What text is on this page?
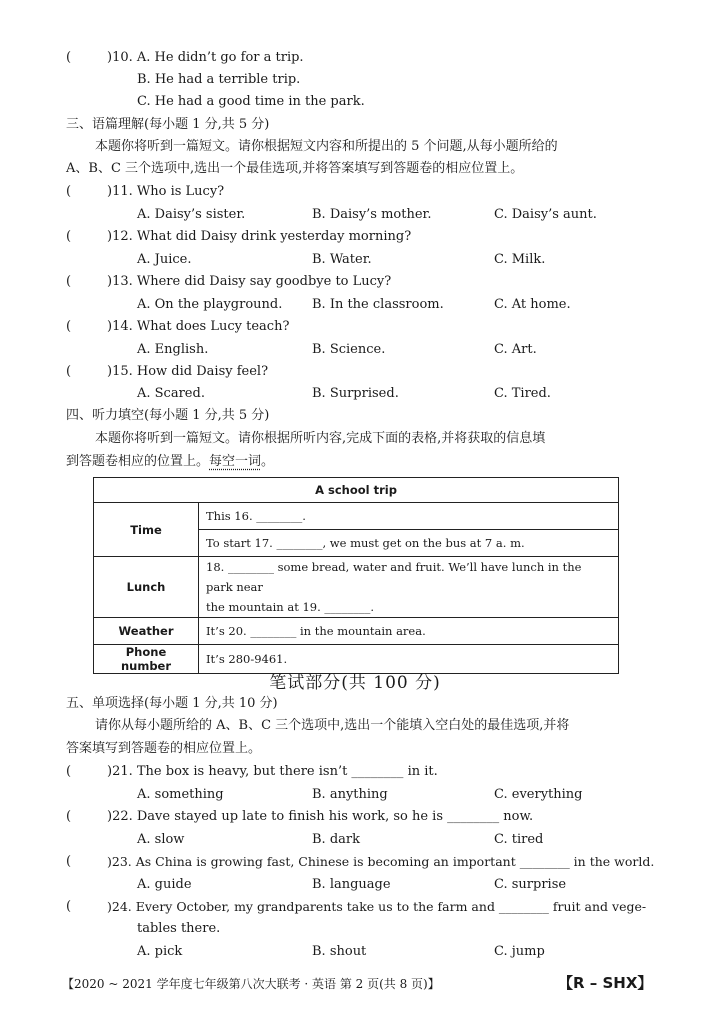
(	)10. A. He didn’t go for a trip.
B. He had a terrible trip.
C. He had a good time in the park.
三、语篇理解(每小题 1 分,共 5 分)
本题你将听到一篇短文。请你根据短文内容和所提出的 5 个问题,从每小题所给的
A、B、C 三个选项中,选出一个最佳选项,并将答案填写到答题卷的相应位置上。
(	)11. Who is Lucy?
A. Daisy’s sister.	B. Daisy’s mother.	C. Daisy’s aunt.
(	)12. What did Daisy drink yesterday morning?
A. Juice.	B. Water.	C. Milk.
(	)13. Where did Daisy say goodbye to Lucy?
A. On the playground. B. In the classroom.	C. At home.
(	)14. What does Lucy teach?
A. English.	B. Science.	C. Art.
(	)15. How did Daisy feel?
A. Scared.	B. Surprised.	C. Tired.
四、听力填空(每小题 1 分,共 5 分)
本题你将听到一篇短文。请你根据所听内容,完成下面的表格,并将获取的信息填
到答题卷相应的位置上。每空一词。
A school trip	
Time	This 16. ________.
	To start 17. ________, we must get on the bus at 7 a. m.
Lunch	18. ________ some bread, water and fruit. We’ll have lunch in the park near
the mountain at 19. ________.

Weather	It’s 20. ________ in the mountain area.
Phone number	It’s 280-9461.
笔试部分(共 100 分)
五、单项选择(每小题 1 分,共 10 分)
请你从每小题所给的 A、B、C 三个选项中,选出一个能填入空白处的最佳选项,并将
答案填写到答题卷的相应位置上。
(	)21. The box is heavy, but there isn’t ________ in it.
A. something	B. anything	C. everything
(	)22. Dave stayed up late to finish his work, so he is ________ now.
A. slow	B. dark	C. tired
(	)23. As China is growing fast, Chinese is becoming an important ________ in the world.
A. guide	B. language	C. surprise
(	)24. Every October, my grandparents take us to the farm and ________ fruit and vege-
tables there.
A. pick	B. shout	C. jump
【2020 ~ 2021 学年度七年级第八次大联考 · 英语 第 2 页(共 8 页)】	【R – SHX】
